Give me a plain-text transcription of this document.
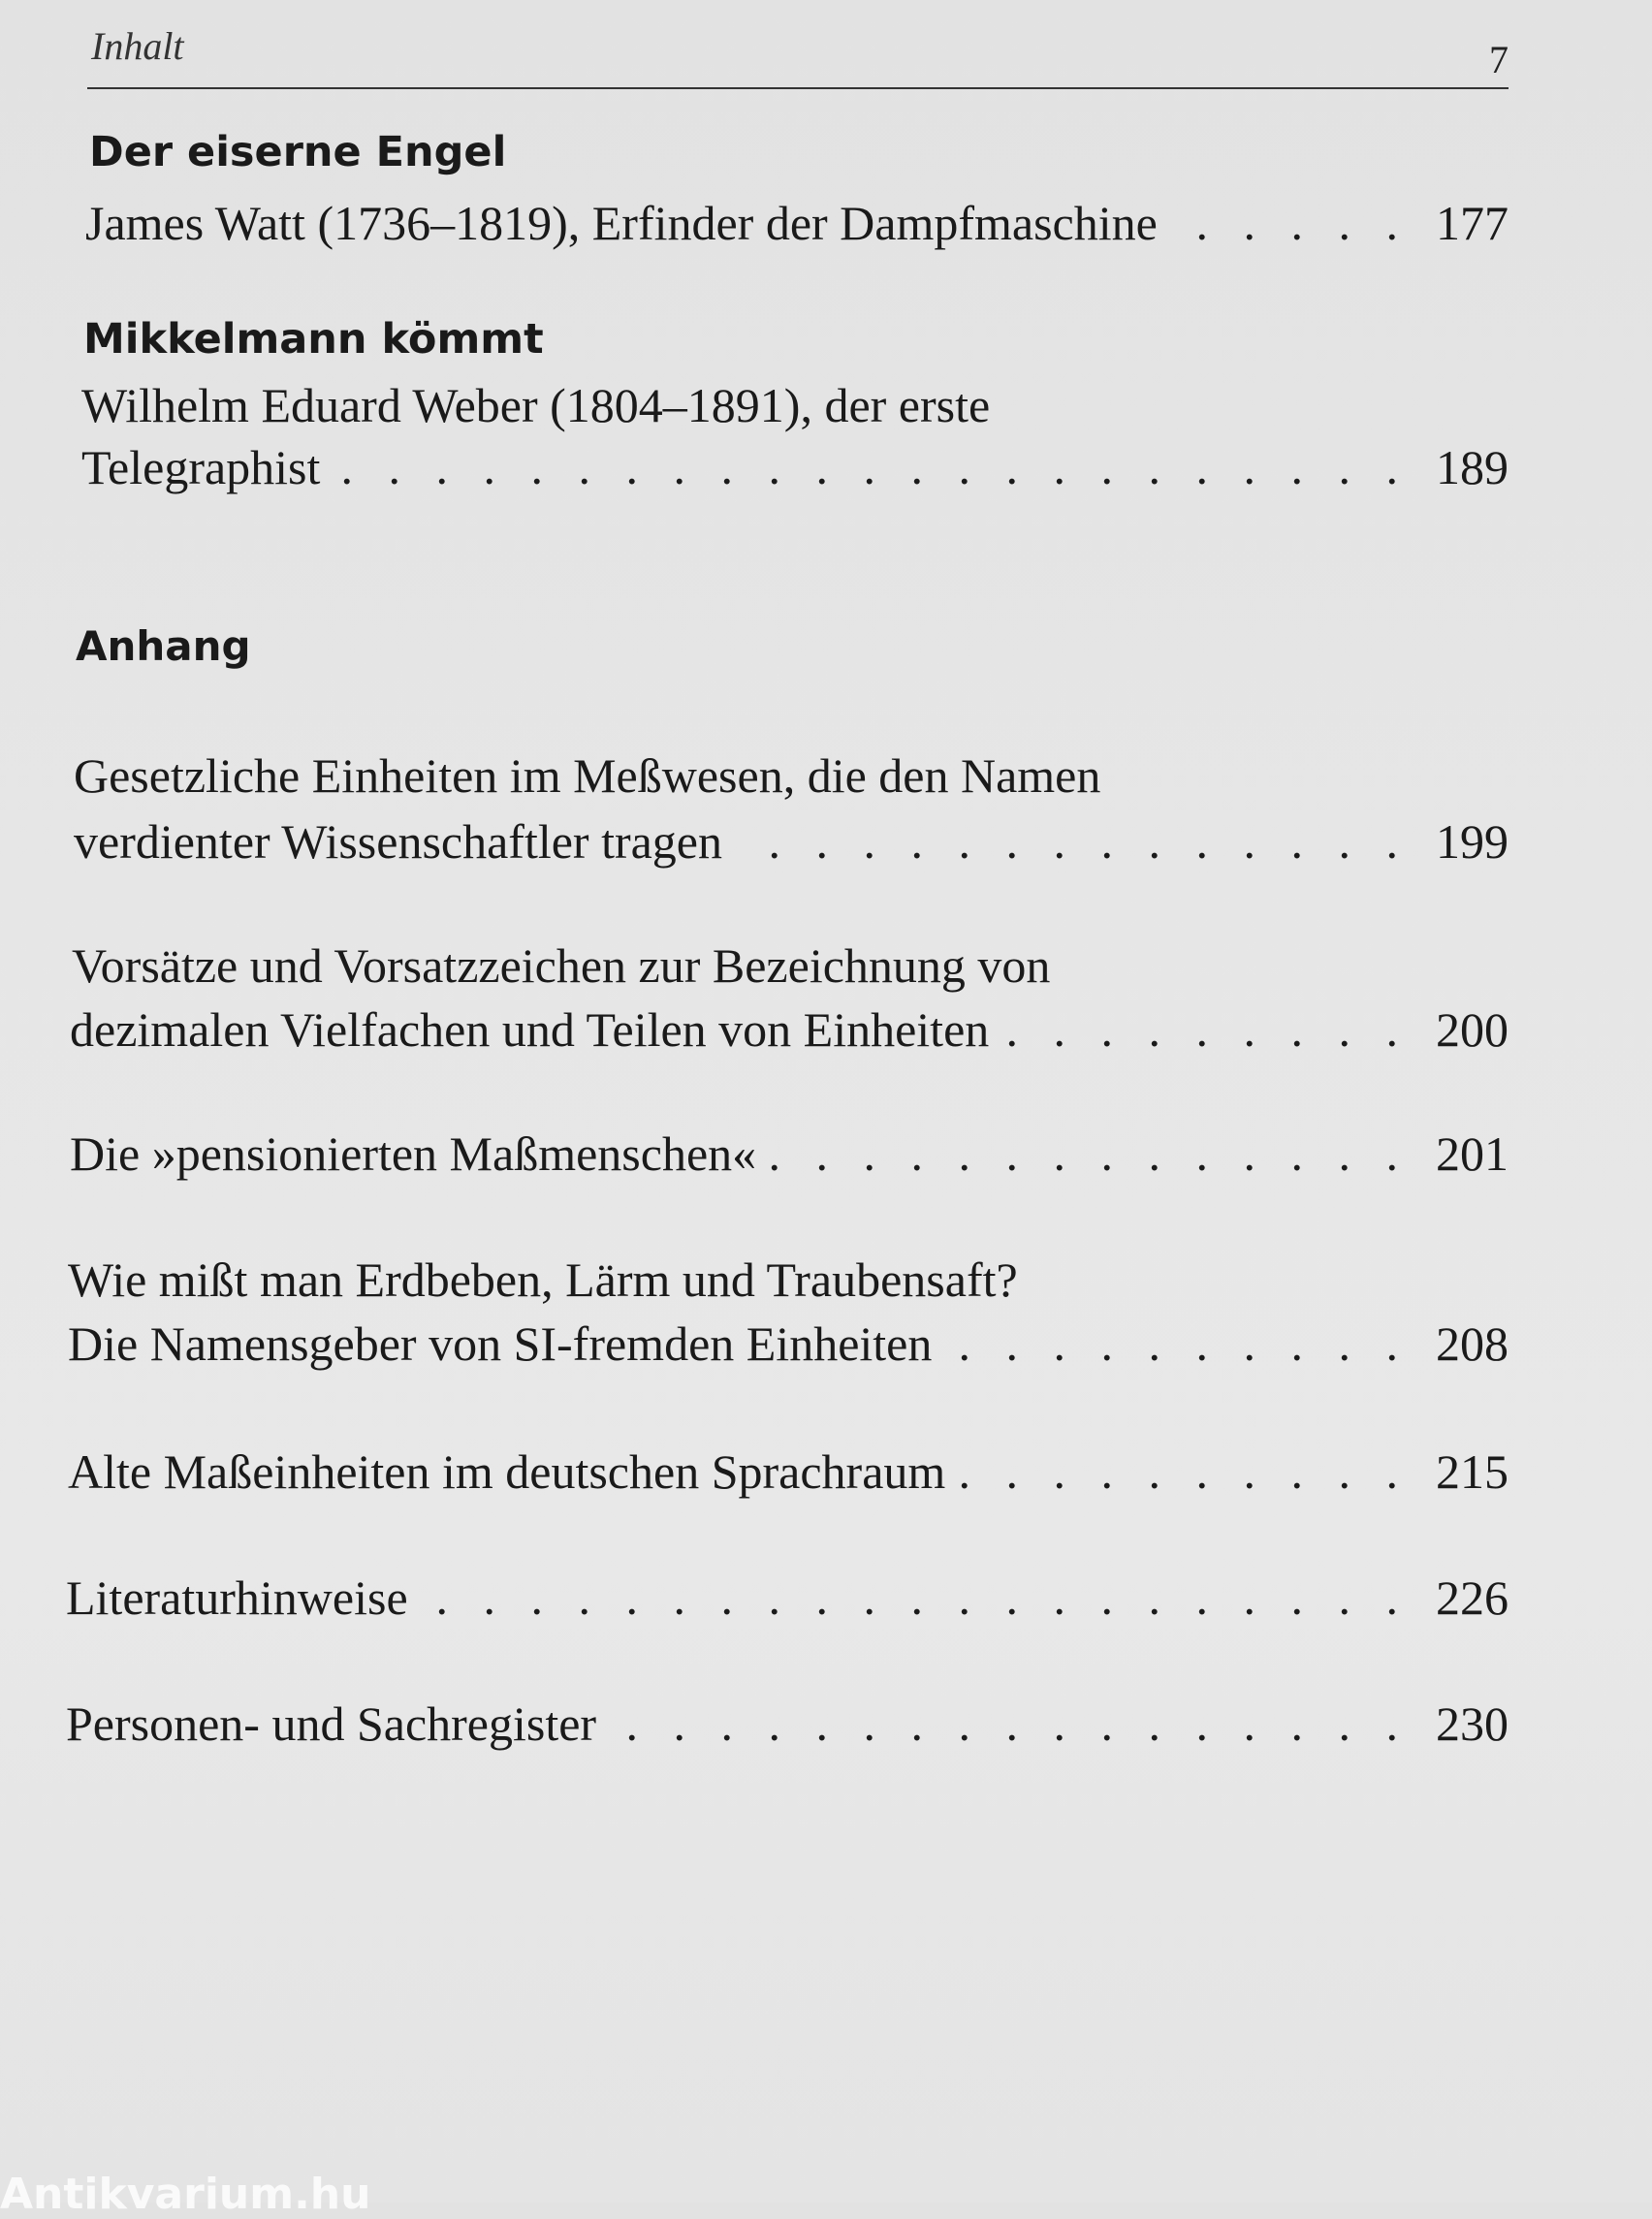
Inhalt	7
Der eiserne Engel
James Watt (1736–1819), Erfinder der Dampfmaschine . . .	177
Mikkelmann kömmt
Wilhelm Eduard Weber (1804–1891), der erste
Telegraphist . . .	189
Anhang
Gesetzliche Einheiten im Meßwesen, die den Namen
verdienter Wissenschaftler tragen . . .	199
Vorsätze und Vorsatzzeichen zur Bezeichnung von
dezimalen Vielfachen und Teilen von Einheiten . . .	200
Die »pensionierten Maßmenschen« . . .	201
Wie mißt man Erdbeben, Lärm und Traubensaft?
Die Namensgeber von SI-fremden Einheiten . . .	208
Alte Maßeinheiten im deutschen Sprachraum . . .	215
Literaturhinweise . . .	226
Personen- und Sachregister . . .	230
Antikvarium.hu
